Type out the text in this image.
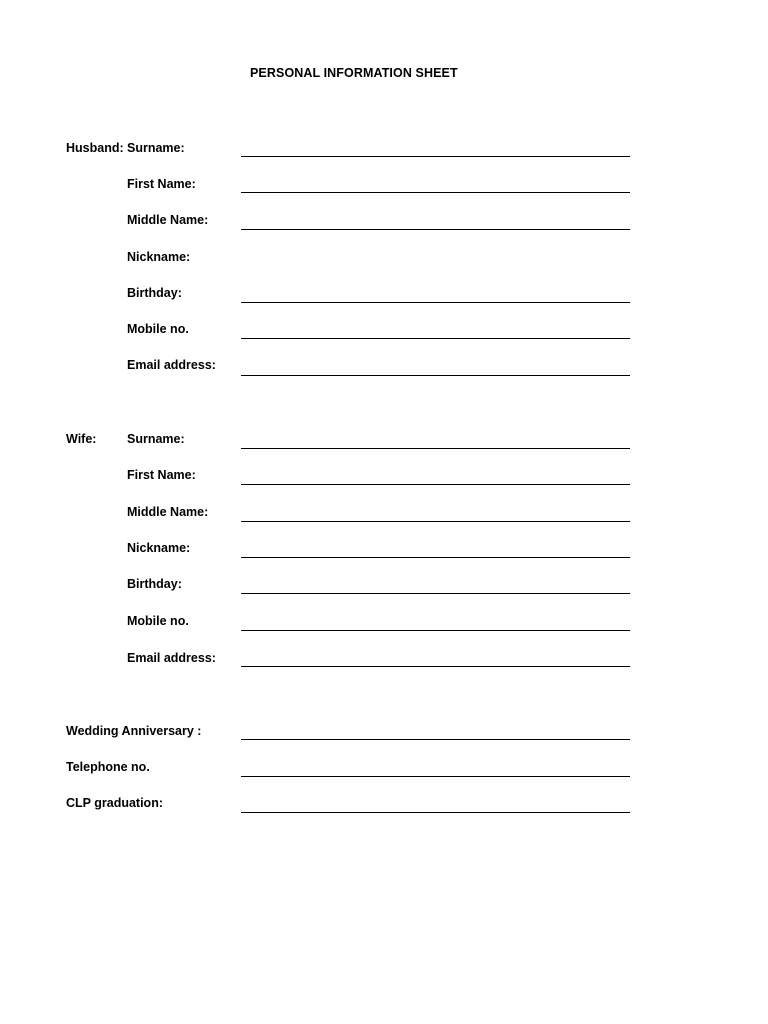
PERSONAL INFORMATION SHEET
Husband: Surname:
First Name:
Middle Name:
Nickname:
Birthday:
Mobile no.
Email address:
Wife: Surname:
First Name:
Middle Name:
Nickname:
Birthday:
Mobile no.
Email address:
Wedding Anniversary :
Telephone no.
CLP graduation:
